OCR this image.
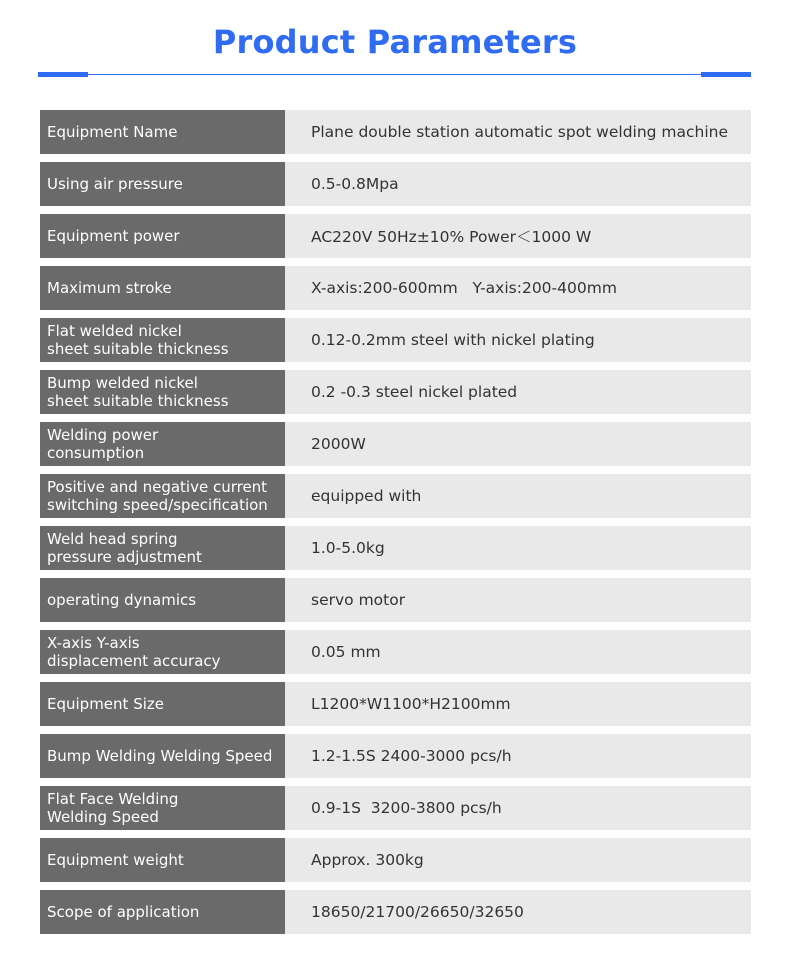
Product Parameters
Equipment Name	Plane double station automatic spot welding machine
Using air pressure	0.5-0.8Mpa
Equipment power	AC220V 50Hz±10% Power＜1000 W
Maximum stroke	X-axis:200-600mm   Y-axis:200-400mm
Flat welded nickel
sheet suitable thickness	0.12-0.2mm steel with nickel plating
Bump welded nickel
sheet suitable thickness	0.2 -0.3 steel nickel plated
Welding power
consumption	2000W
Positive and negative current
switching speed/specification	equipped with
Weld head spring
pressure adjustment	1.0-5.0kg
operating dynamics	servo motor
X-axis Y-axis
displacement accuracy	0.05 mm
Equipment Size	L1200*W1100*H2100mm
Bump Welding Welding Speed	1.2-1.5S 2400-3000 pcs/h
Flat Face Welding
Welding Speed	0.9-1S  3200-3800 pcs/h
Equipment weight	Approx. 300kg
Scope of application	18650/21700/26650/32650
